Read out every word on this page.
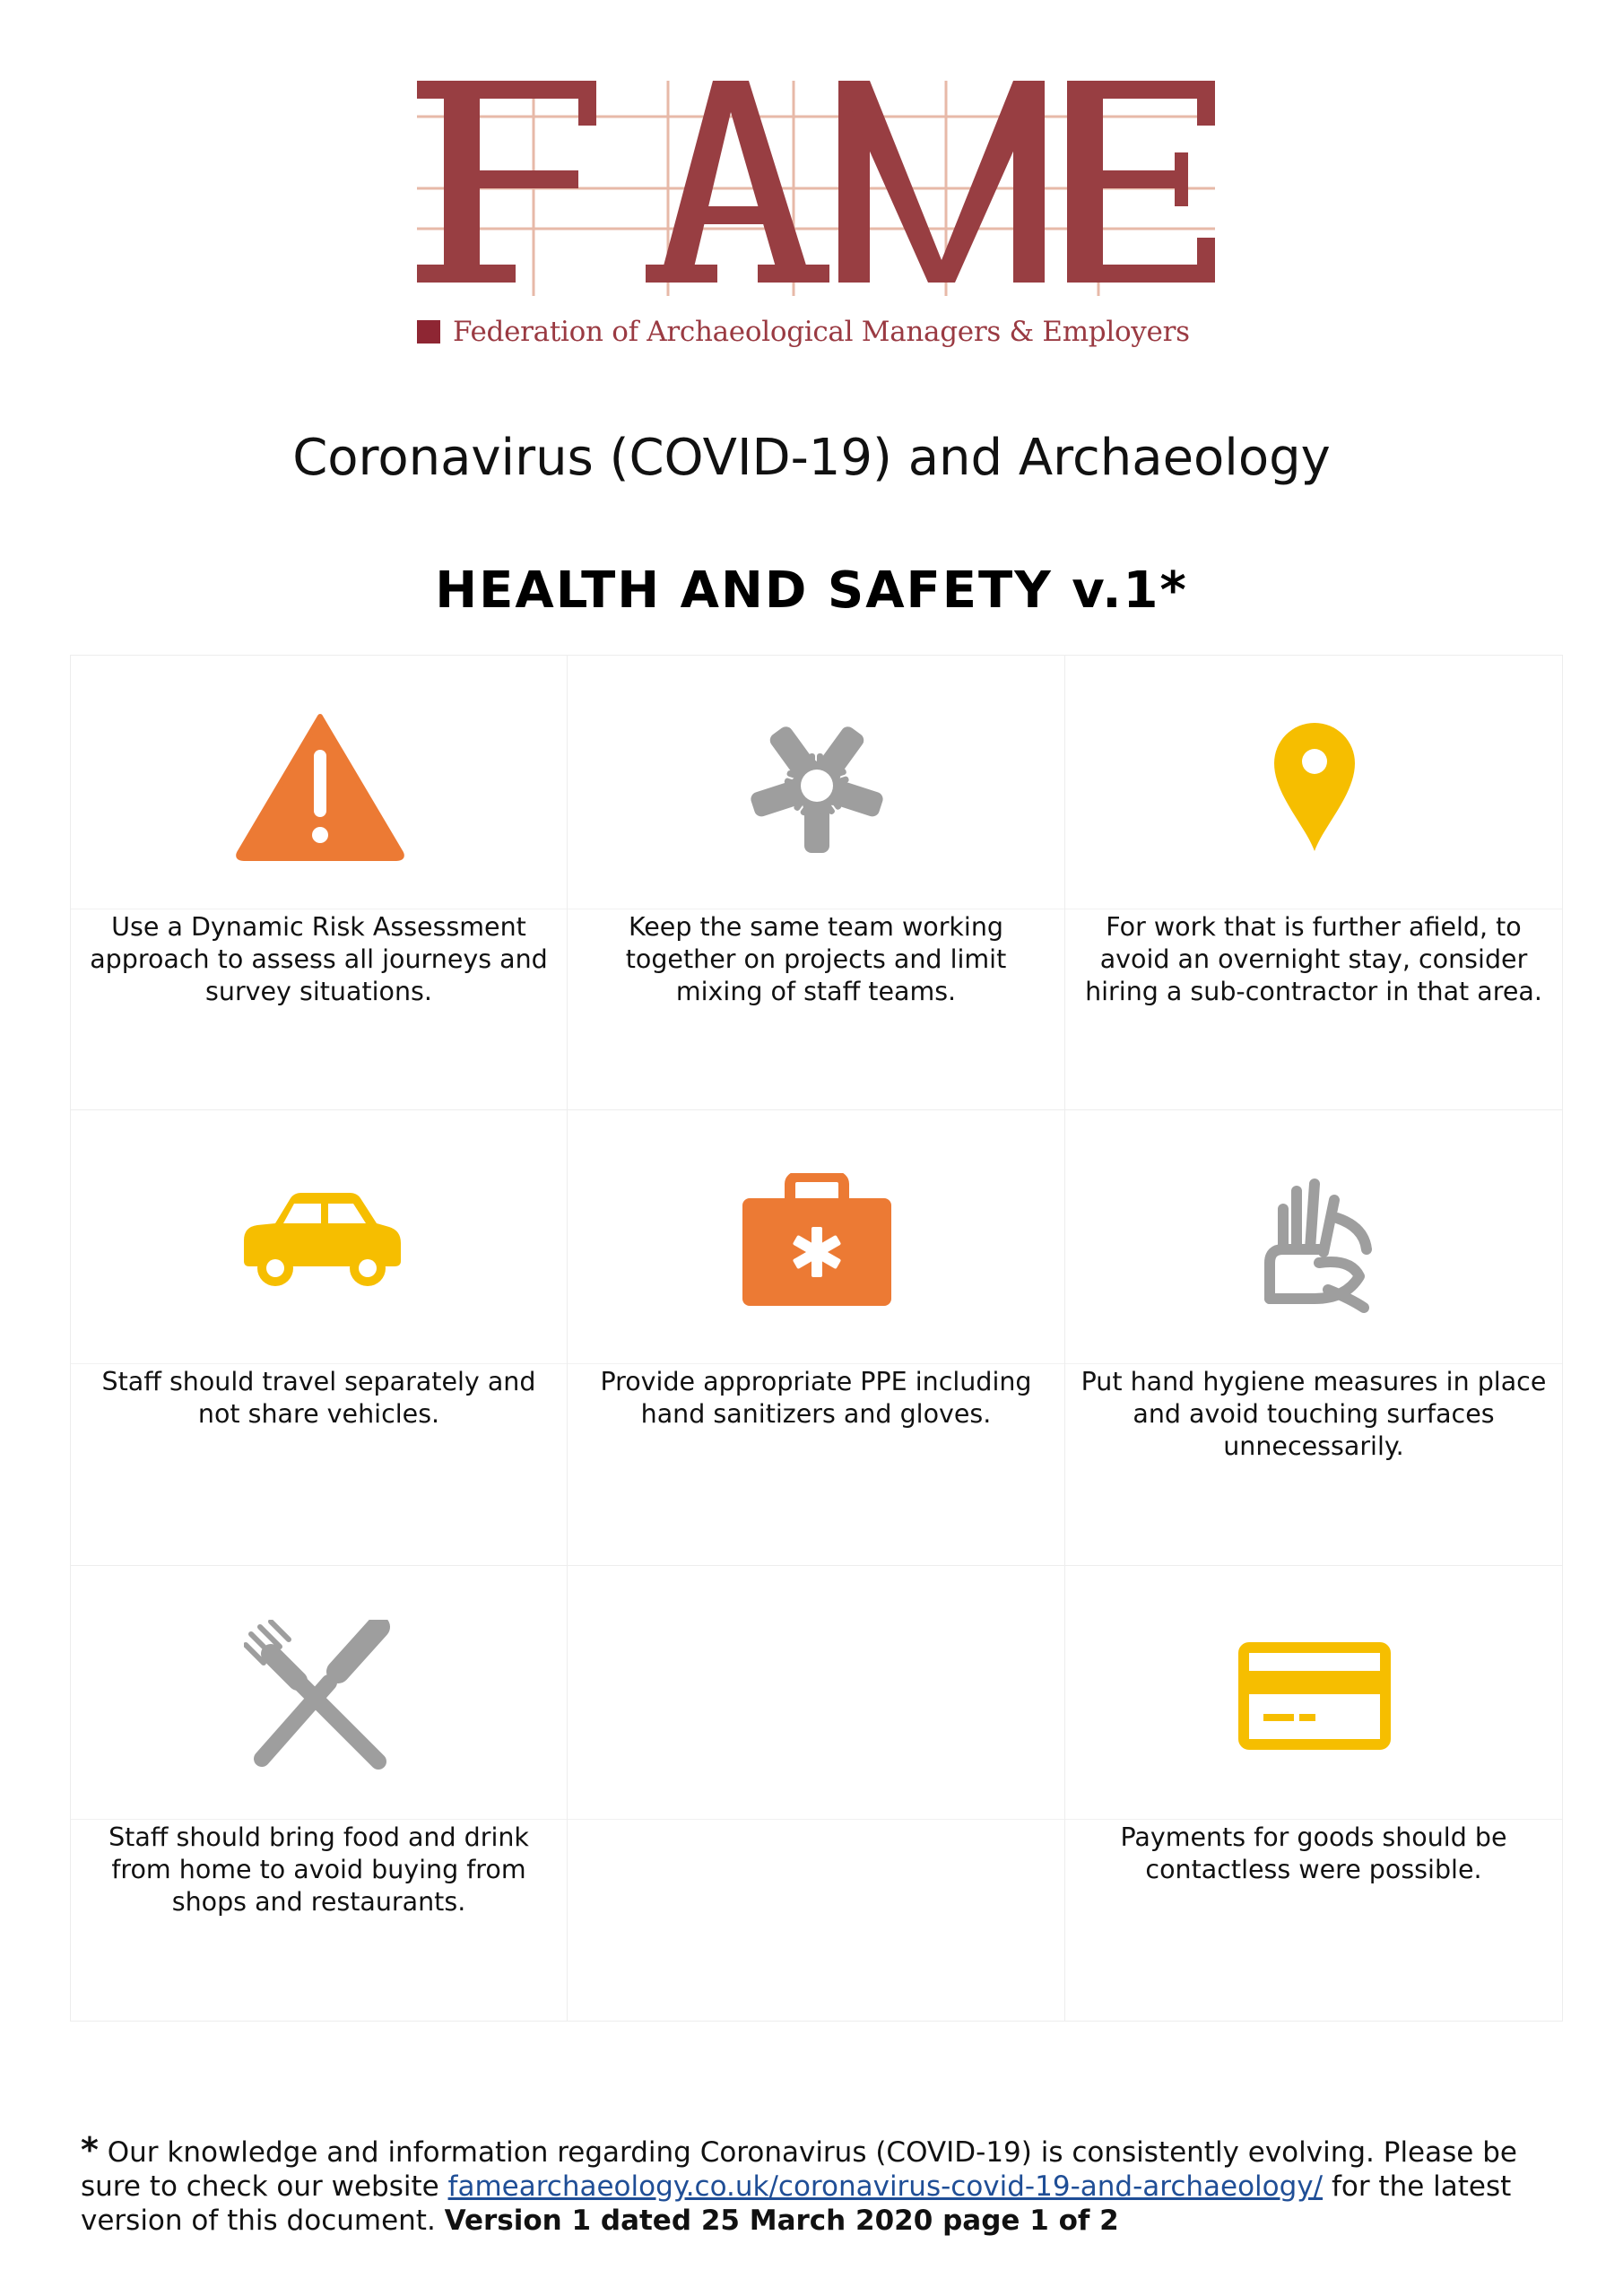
Federation of Archaeological Managers & Employers
Coronavirus (COVID-19) and Archaeology
HEALTH AND SAFETY v.1*
Use a Dynamic Risk Assessment approach to assess all journeys and survey situations.
Keep the same team working together on projects and limit mixing of staff teams.
For work that is further afield, to avoid an overnight stay, consider hiring a sub-contractor in that area.
Staff should travel separately and not share vehicles.
Provide appropriate PPE including hand sanitizers and gloves.
Put hand hygiene measures in place and avoid touching surfaces unnecessarily.
Staff should bring food and drink from home to avoid buying from shops and restaurants.
Payments for goods should be contactless were possible.
* Our knowledge and information regarding Coronavirus (COVID-19) is consistently evolving. Please be sure to check our website famearchaeology.co.uk/coronavirus-covid-19-and-archaeology/ for the latest version of this document. Version 1 dated 25 March 2020 page 1 of 2
